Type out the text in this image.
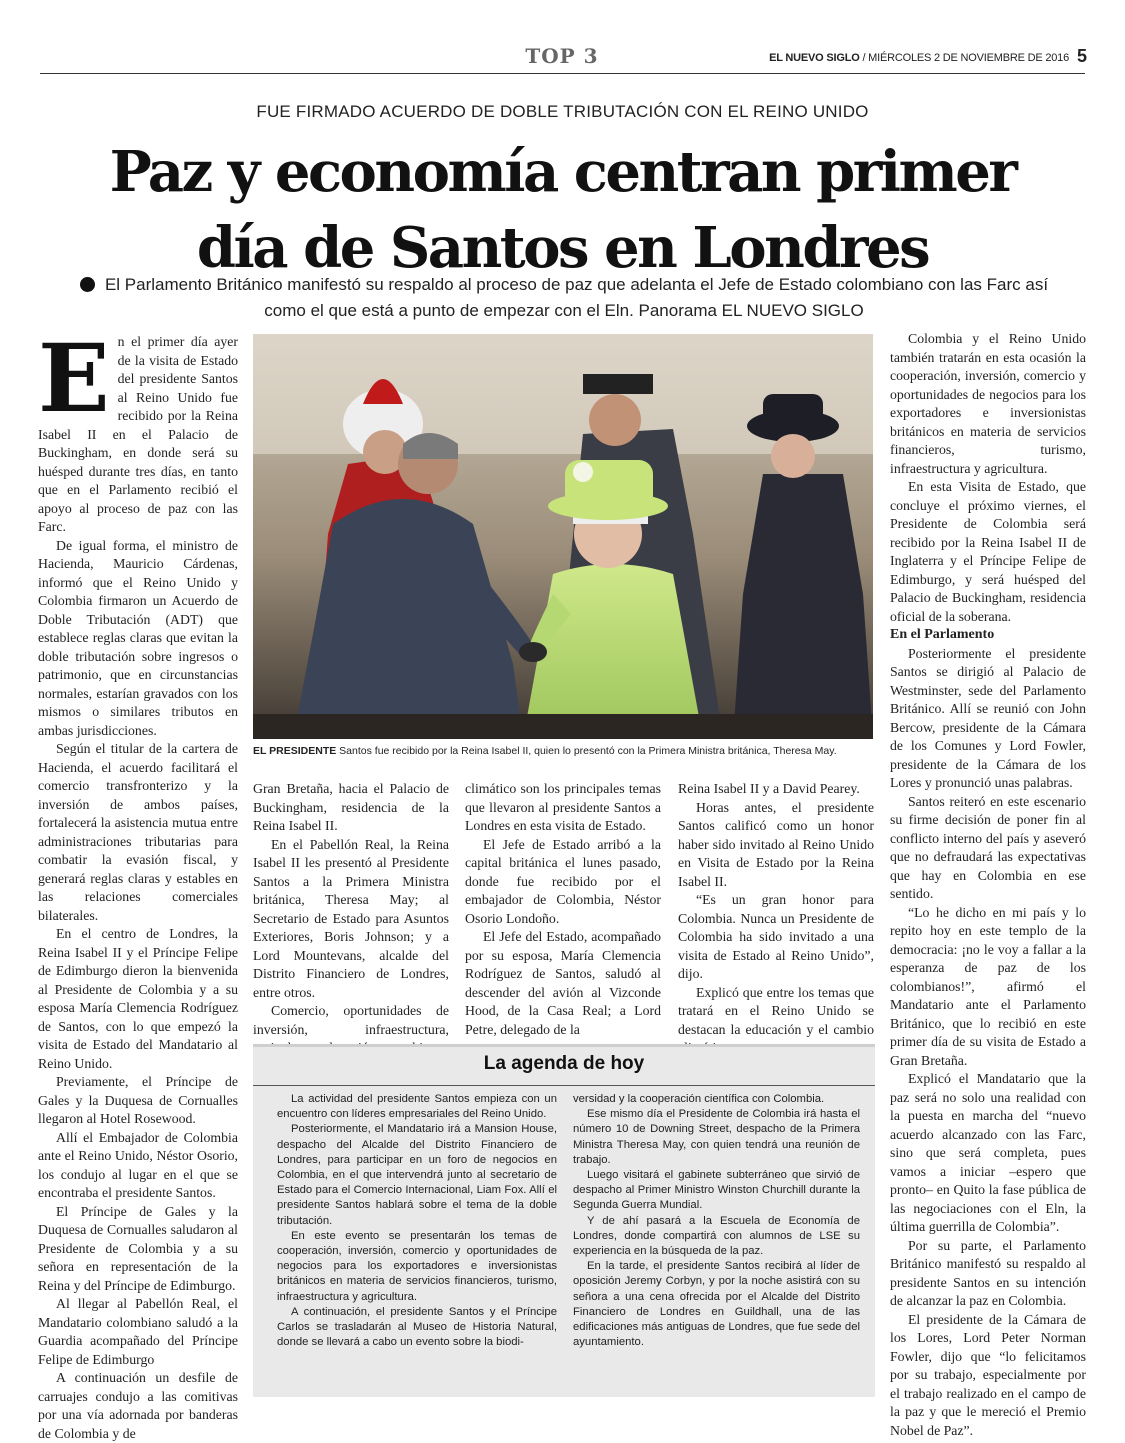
TOP 3	EL NUEVO SIGLO / MIÉRCOLES 2 DE NOVIEMBRE DE 2016 5
FUE FIRMADO ACUERDO DE DOBLE TRIBUTACIÓN CON EL REINO UNIDO
Paz y economía centran primer
día de Santos en Londres
El Parlamento Británico manifestó su respaldo al proceso de paz que adelanta el Jefe de Estado colombiano con las Farc así como el que está a punto de empezar con el Eln. Panorama EL NUEVO SIGLO
E n el primer día ayer de la visita de Estado del presidente Santos al Reino Unido fue recibido por la Reina Isabel II en el Palacio de Buckingham, en donde será su huésped durante tres días, en tanto que en el Parlamento recibió el apoyo al proceso de paz con las Farc.

De igual forma, el ministro de Hacienda, Mauricio Cárdenas, informó que el Reino Unido y Colombia firmaron un Acuerdo de Doble Tributación (ADT) que establece reglas claras que evitan la doble tributación sobre ingresos o patrimonio, que en circunstancias normales, estarían gravados con los mismos o similares tributos en ambas jurisdicciones.

Según el titular de la cartera de Hacienda, el acuerdo facilitará el comercio transfronterizo y la inversión de ambos países, fortalecerá la asistencia mutua entre administraciones tributarias para combatir la evasión fiscal, y generará reglas claras y estables en las relaciones comerciales bilaterales.

En el centro de Londres, la Reina Isabel II y el Príncipe Felipe de Edimburgo dieron la bienvenida al Presidente de Colombia y a su esposa María Clemencia Rodríguez de Santos, con lo que empezó la visita de Estado del Mandatario al Reino Unido.

Previamente, el Príncipe de Gales y la Duquesa de Cornualles llegaron al Hotel Rosewood.

Allí el Embajador de Colombia ante el Reino Unido, Néstor Osorio, los condujo al lugar en el que se encontraba el presidente Santos.

El Príncipe de Gales y la Duquesa de Cornualles saludaron al Presidente de Colombia y a su señora en representación de la Reina y del Príncipe de Edimburgo.

Al llegar al Pabellón Real, el Mandatario colombiano saludó a la Guardia acompañado del Príncipe Felipe de Edimburgo

A continuación un desfile de carruajes condujo a las comitivas por una vía adornada por banderas de Colombia y de

EL PRESIDENTE Santos fue recibido por la Reina Isabel II, quien lo presentó con la Primera Ministra británica, Theresa May.

Gran Bretaña, hacia el Palacio de Buckingham, residencia de la Reina Isabel II.

En el Pabellón Real, la Reina Isabel II les presentó al Presidente Santos a la Primera Ministra británica, Theresa May; al Secretario de Estado para Asuntos Exteriores, Boris Johnson; y a Lord Mountevans, alcalde del Distrito Financiero de Londres, entre otros.

Comercio, oportunidades de inversión, infraestructura,

climático son los principales temas que llevaron al presidente Santos a Londres en esta visita de Estado.

El Jefe de Estado arribó a la capital británica el lunes pasado, donde fue recibido por el embajador de Colombia, Néstor Osorio Londoño.

El Jefe del Estado, acompañado por su esposa, María Clemencia Rodríguez de Santos, saludó al descender del avión al Vizconde Hood, de la Casa Real; a Lord Petre, delegado de la

Reina Isabel II y a David Pearey.

Horas antes, el presidente Santos calificó como un honor haber sido invitado al Reino Unido en Visita de Estado por la Reina Isabel II.

“Es un gran honor para Colombia. Nunca un Presidente de Colombia ha sido invitado a una visita de Estado al Reino Unido”, dijo.

Explicó que entre los temas que tratará en el Reino Unido se destacan la educación y el cambio

Colombia y el Reino Unido también tratarán en esta ocasión la cooperación, inversión, comercio y oportunidades de negocios para los exportadores e inversionistas británicos en materia de servicios financieros, turismo, infraestructura y agricultura.

En esta Visita de Estado, que concluye el próximo viernes, el Presidente de Colombia será recibido por la Reina Isabel II de Inglaterra y el Príncipe Felipe de Edimburgo, y será huésped del Palacio de Buckingham, residencia oficial de la soberana.

En el Parlamento

Posteriormente el presidente Santos se dirigió al Palacio de Westminster, sede del Parlamento Británico. Allí se reunió con John Bercow, presidente de la Cámara de los Comunes y Lord Fowler, presidente de la Cámara de los Lores y pronunció unas palabras.

Santos reiteró en este escenario su firme decisión de poner fin al conflicto interno del país y aseveró que no defraudará las expectativas que hay en Colombia en ese sentido.

“Lo he dicho en mi país y lo repito hoy en este templo de la democracia: ¡no le voy a fallar a la esperanza de paz de los colombianos!”, afirmó el Mandatario ante el Parlamento Británico, que lo recibió en este primer día de su visita de Estado a Gran Bretaña.

Explicó el Mandatario que la paz será no solo una realidad con la puesta en marcha del “nuevo acuerdo alcanzado con las Farc, sino que será completa, pues vamos a iniciar –espero que pronto– en Quito la fase pública de las negociaciones con el Eln, la última guerrilla de Colombia”.

Por su parte, el Parlamento Británico manifestó su respaldo al presidente Santos en su intención de alcanzar la paz en Colombia.

El presidente de la Cámara de los Lores, Lord Peter Norman Fowler, dijo que “lo felicitamos por su trabajo, especialmente por el trabajo realizado en el campo de la paz y que le mereció el Premio Nobel de Paz”.

La agenda de hoy

La actividad del presidente Santos empieza con un encuentro con líderes empresariales del Reino Unido.

Posteriormente, el Mandatario irá a Mansion House, despacho del Alcalde del Distrito Financiero de Londres, para participar en un foro de negocios en Colombia, en el que intervendrá junto al secretario de Estado para el Comercio Internacional, Liam Fox. Allí el presidente Santos hablará sobre el tema de la doble tributación.

En este evento se presentarán los temas de cooperación, inversión, comercio y oportunidades de negocios para los exportadores e inversionistas británicos en materia de servicios financieros, turismo, infraestructura y agricultura.

A continuación, el presidente Santos y el Príncipe Carlos se trasladarán al Museo de Historia Natural, donde se llevará a cabo un evento sobre la biodi-

versidad y la cooperación científica con Colombia.

Ese mismo día el Presidente de Colombia irá hasta el número 10 de Downing Street, despacho de la Primera Ministra Theresa May, con quien tendrá una reunión de trabajo.

Luego visitará el gabinete subterráneo que sirvió de despacho al Primer Ministro Winston Churchill durante la Segunda Guerra Mundial.

Y de ahí pasará a la Escuela de Economía de Londres, donde compartirá con alumnos de LSE su experiencia en la búsqueda de la paz.

En la tarde, el presidente Santos recibirá al líder de oposición Jeremy Corbyn, y por la noche asistirá con su señora a una cena ofrecida por el Alcalde del Distrito Financiero de Londres en Guildhall, una de las edificaciones más antiguas de Londres, que fue sede del ayuntamiento.
